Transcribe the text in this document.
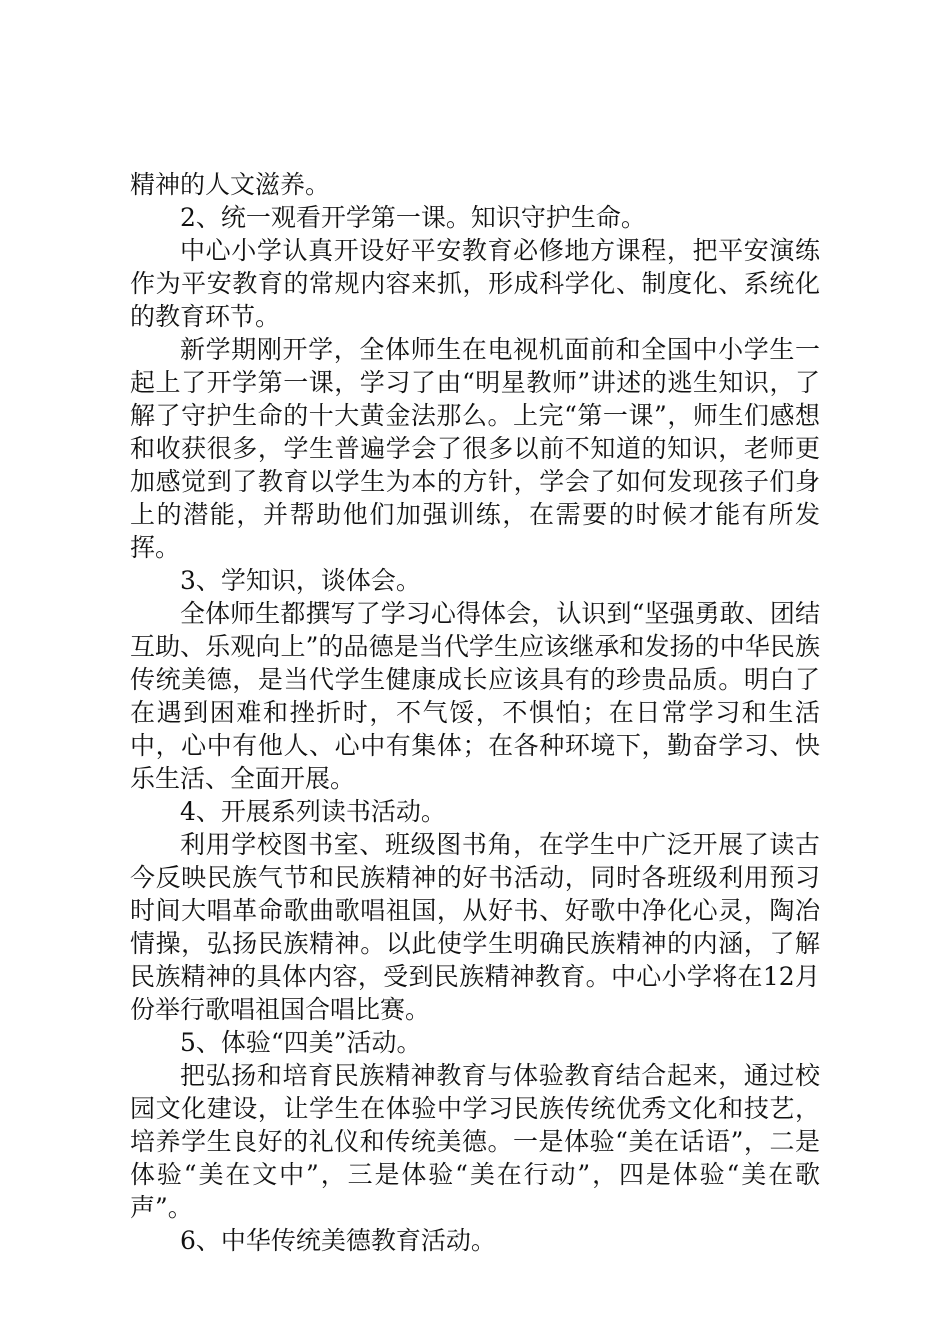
精神的人文滋养。

2、统一观看开学第一课。知识守护生命。

中心小学认真开设好平安教育必修地方课程，把平安演练作为平安教育的常规内容来抓，形成科学化、制度化、系统化的教育环节。

新学期刚开学，全体师生在电视机面前和全国中小学生一起上了开学第一课，学习了由“明星教师”讲述的逃生知识，了解了守护生命的十大黄金法那么。上完“第一课”，师生们感想和收获很多，学生普遍学会了很多以前不知道的知识，老师更加感觉到了教育以学生为本的方针，学会了如何发现孩子们身上的潜能，并帮助他们加强训练，在需要的时候才能有所发挥。

3、学知识，谈体会。

全体师生都撰写了学习心得体会，认识到“坚强勇敢、团结互助、乐观向上”的品德是当代学生应该继承和发扬的中华民族传统美德，是当代学生健康成长应该具有的珍贵品质。明白了在遇到困难和挫折时，不气馁，不惧怕；在日常学习和生活中，心中有他人、心中有集体；在各种环境下，勤奋学习、快乐生活、全面开展。

4、开展系列读书活动。

利用学校图书室、班级图书角，在学生中广泛开展了读古今反映民族气节和民族精神的好书活动，同时各班级利用预习时间大唱革命歌曲歌唱祖国，从好书、好歌中净化心灵，陶冶情操，弘扬民族精神。以此使学生明确民族精神的内涵，了解民族精神的具体内容，受到民族精神教育。中心小学将在12月份举行歌唱祖国合唱比赛。

5、体验“四美”活动。

把弘扬和培育民族精神教育与体验教育结合起来，通过校园文化建设，让学生在体验中学习民族传统优秀文化和技艺，培养学生良好的礼仪和传统美德。一是体验“美在话语”，二是体验“美在文中”，三是体验“美在行动”，四是体验“美在歌声”。

6、中华传统美德教育活动。
